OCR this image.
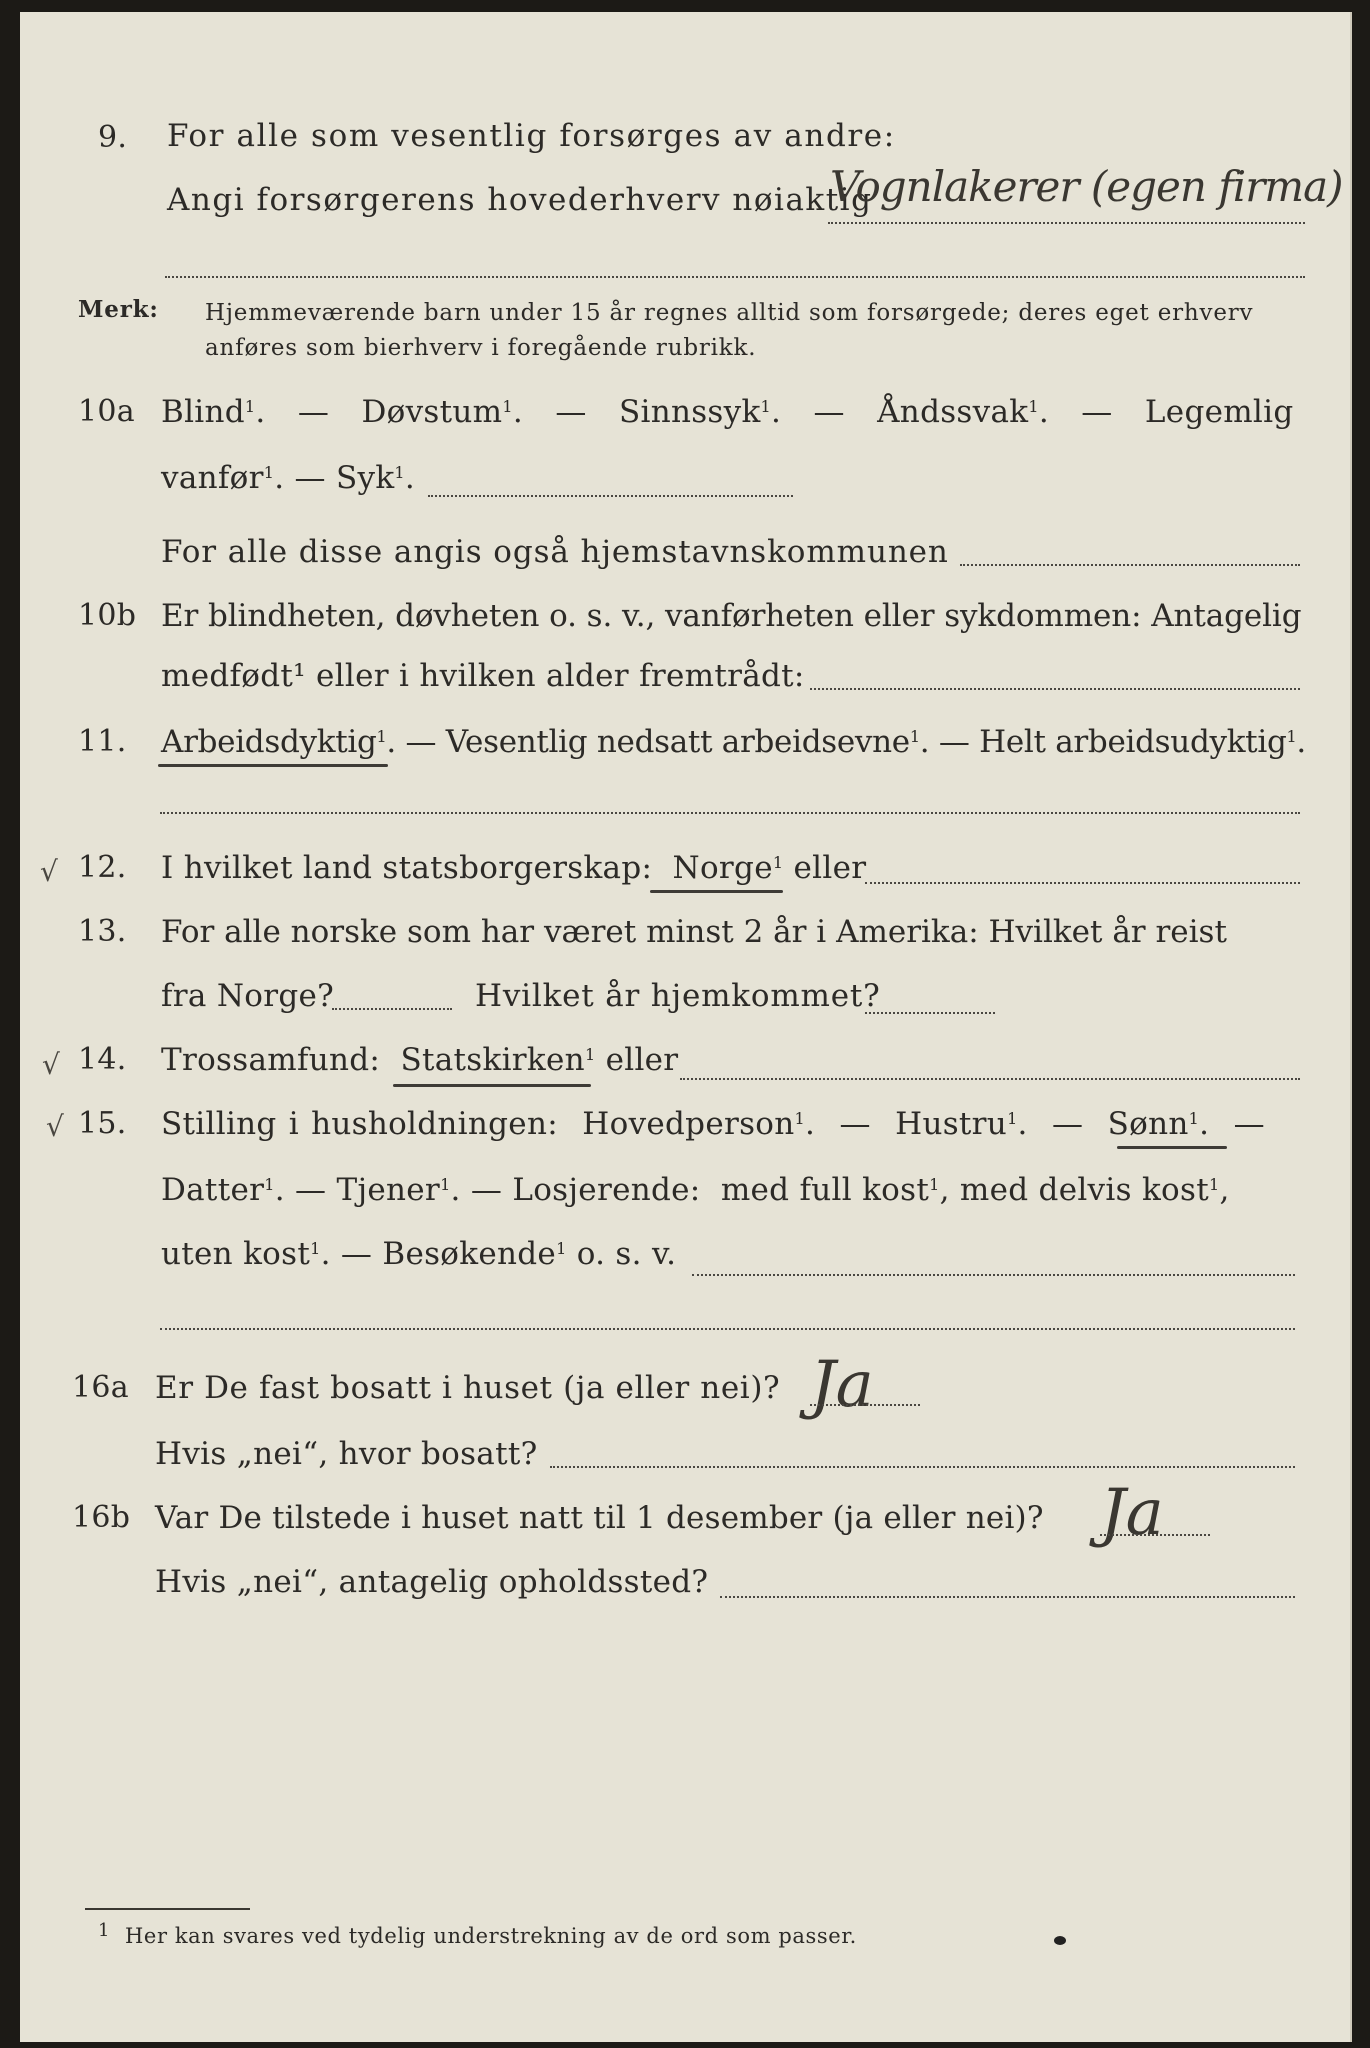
9. For alle som vesentlig forsørges av andre:
Angi forsørgerens hovederhverv nøiaktig
Vognlakerer (egen firma)
Merk: Hjemmeværende barn under 15 år regnes alltid som forsørgede; deres eget erhverv
anføres som bierhverv i foregående rubrikk.
10a Blind$^1$.  — Døvstum$^1$.  — Sinnssyk$^1$.  — Åndssvak$^1$.  — Legemlig
vanfør$^1$. — Syk$^1$.
For alle disse angis også hjemstavnskommunen
10b Er blindheten, døvheten o. s. v., vanførheten eller sykdommen: Antagelig
medfødt¹ eller i hvilken alder fremtrådt:
11. Arbeidsdyktig$^1$. — Vesentlig nedsatt arbeidsevne$^1$. — Helt arbeidsudyktig$^1$.
√ 12. I hvilket land statsborgerskap: Norge$^1$ eller
13. For alle norske som har været minst 2 år i Amerika: Hvilket år reist
fra Norge?	Hvilket år hjemkommet?
√ 14. Trossamfund: Statskirken$^1$ eller
√ 15. Stilling i husholdningen: Hovedperson$^1$.  — Hustru$^1$.  — Sønn$^1$.  —
Datter$^1$. — Tjener$^1$. — Losjerende: med full kost$^1$, med delvis kost$^1$,
uten kost$^1$. — Besøkende$^1$ o. s. v.
16a Er De fast bosatt i huset (ja eller nei)? Ja
Hvis „nei“, hvor bosatt?
16b Var De tilstede i huset natt til 1 desember (ja eller nei)? Ja
Hvis „nei“, antagelig opholdssted?
1 Her kan svares ved tydelig understrekning av de ord som passer.
